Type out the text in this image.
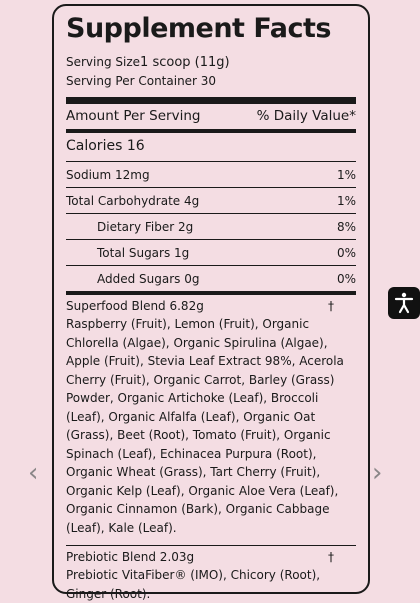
Supplement Facts
Serving Size1 scoop (11g)
Serving Per Container 30
Amount Per Serving	% Daily Value*
Calories 16
Sodium 12mg	1%
Total Carbohydrate 4g	1%
Dietary Fiber 2g	8%
Total Sugars 1g	0%
Added Sugars 0g	0%
Superfood Blend 6.82g	†
Raspberry (Fruit), Lemon (Fruit), Organic Chlorella (Algae), Organic Spirulina (Algae), Apple (Fruit), Stevia Leaf Extract 98%, Acerola Cherry (Fruit), Organic Carrot, Barley (Grass) Powder, Organic Artichoke (Leaf), Broccoli (Leaf), Organic Alfalfa (Leaf), Organic Oat (Grass), Beet (Root), Tomato (Fruit), Organic Spinach (Leaf), Echinacea Purpura (Root), Organic Wheat (Grass), Tart Cherry (Fruit), Organic Kelp (Leaf), Organic Aloe Vera (Leaf), Organic Cinnamon (Bark), Organic Cabbage (Leaf), Kale (Leaf).
Prebiotic Blend 2.03g	†
Prebiotic VitaFiber® (IMO), Chicory (Root), Ginger (Root).
‹	›
